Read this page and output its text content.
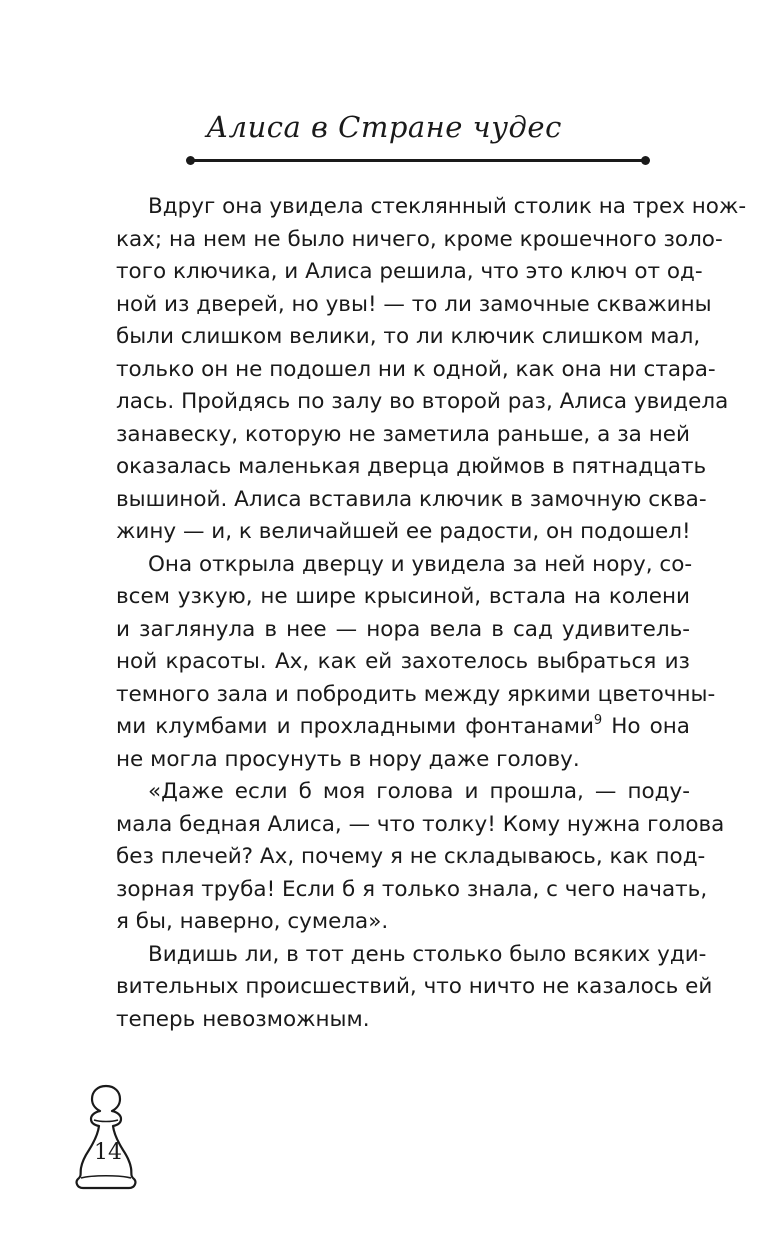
Алиса в Стране чудес
Вдруг она увидела стеклянный столик на трех нож-
ках; на нем не было ничего, кроме крошечного золо-
того ключика, и Алиса решила, что это ключ от од-
ной из дверей, но увы! — то ли замочные скважины
были слишком велики, то ли ключик слишком мал,
только он не подошел ни к одной, как она ни стара-
лась. Пройдясь по залу во второй раз, Алиса увидела
занавеску, которую не заметила раньше, а за ней
оказалась маленькая дверца дюймов в пятнадцать
вышиной. Алиса вставила ключик в замочную сква-
жину — и, к величайшей ее радости, он подошел!
Она открыла дверцу и увидела за ней нору, со-
всем узкую, не шире крысиной, встала на колени
и заглянула в нее — нора вела в сад удивитель-
ной красоты. Ах, как ей захотелось выбраться из
темного зала и побродить между яркими цветочны-
ми клумбами и прохладными фонтанами$^9$ Но она
не могла просунуть в нору даже голову.
«Даже если б моя голова и прошла, — поду-
мала бедная Алиса, — что толку! Кому нужна голова
без плечей? Ах, почему я не складываюсь, как под-
зорная труба! Если б я только знала, с чего начать,
я бы, наверно, сумела».
Видишь ли, в тот день столько было всяких уди-
вительных происшествий, что ничто не казалось ей
теперь невозможным.
14
